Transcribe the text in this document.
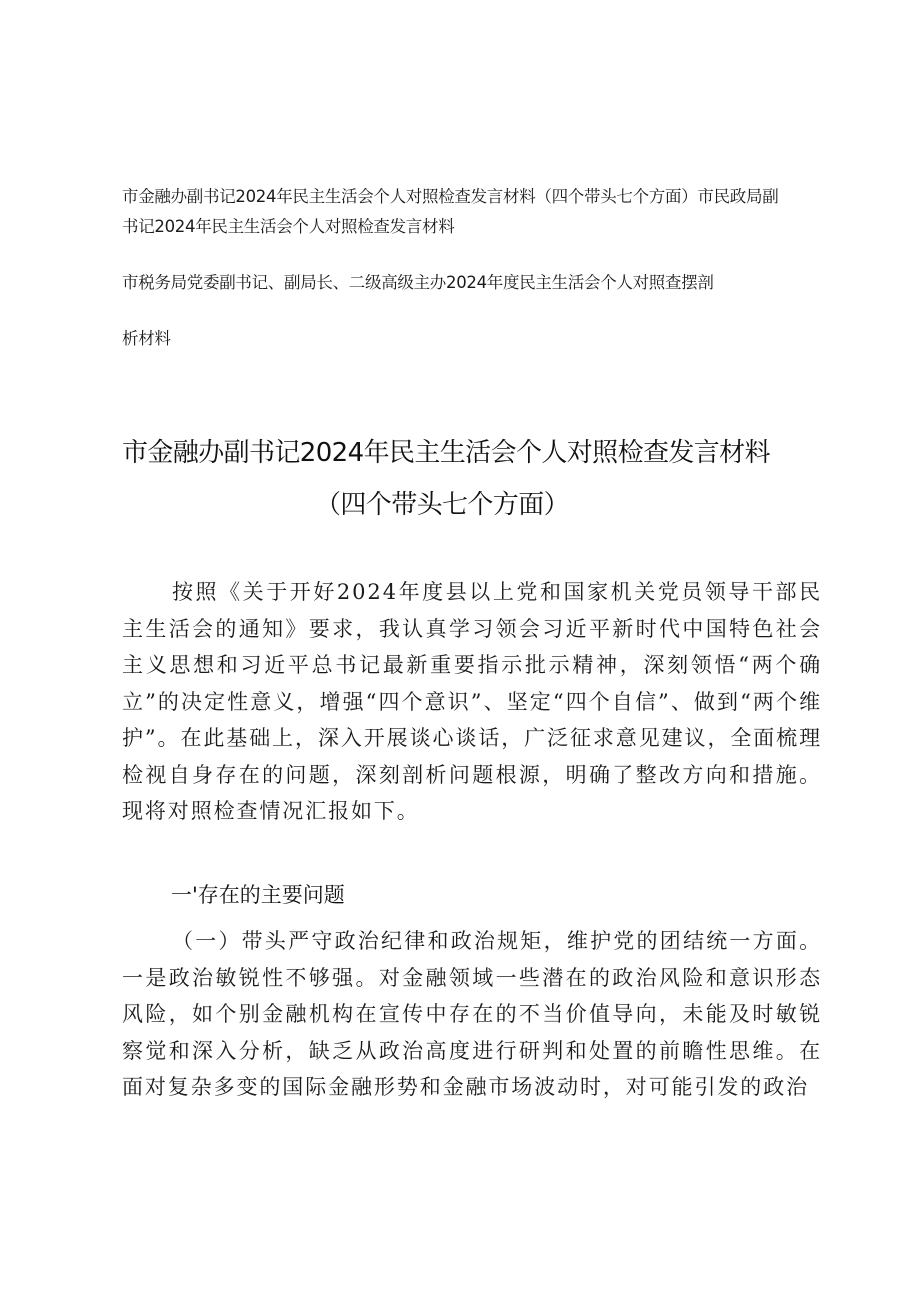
市金融办副书记2024年民主生活会个人对照检查发言材料（四个带头七个方面）市民政局副
书记2024年民主生活会个人对照检查发言材料
市税务局党委副书记、副局长、二级高级主办2024年度民主生活会个人对照查摆剖
析材料
市金融办副书记2024年民主生活会个人对照检查发言材料
（四个带头七个方面）
按照《关于开好2024年度县以上党和国家机关党员领导干部民主生活会的通知》要求，我认真学习领会习近平新时代中国特色社会主义思想和习近平总书记最新重要指示批示精神，深刻领悟“两个确立”的决定性意义，增强“四个意识”、坚定“四个自信”、做到“两个维护”。在此基础上，深入开展谈心谈话，广泛征求意见建议，全面梳理检视自身存在的问题，深刻剖析问题根源，明确了整改方向和措施。现将对照检查情况汇报如下。
一'存在的主要问题
（一）带头严守政治纪律和政治规矩，维护党的团结统一方面。一是政治敏锐性不够强。对金融领域一些潜在的政治风险和意识形态风险，如个别金融机构在宣传中存在的不当价值导向，未能及时敏锐察觉和深入分析，缺乏从政治高度进行研判和处置的前瞻性思维。在面对复杂多变的国际金融形势和金融市场波动时，对可能引发的政治
